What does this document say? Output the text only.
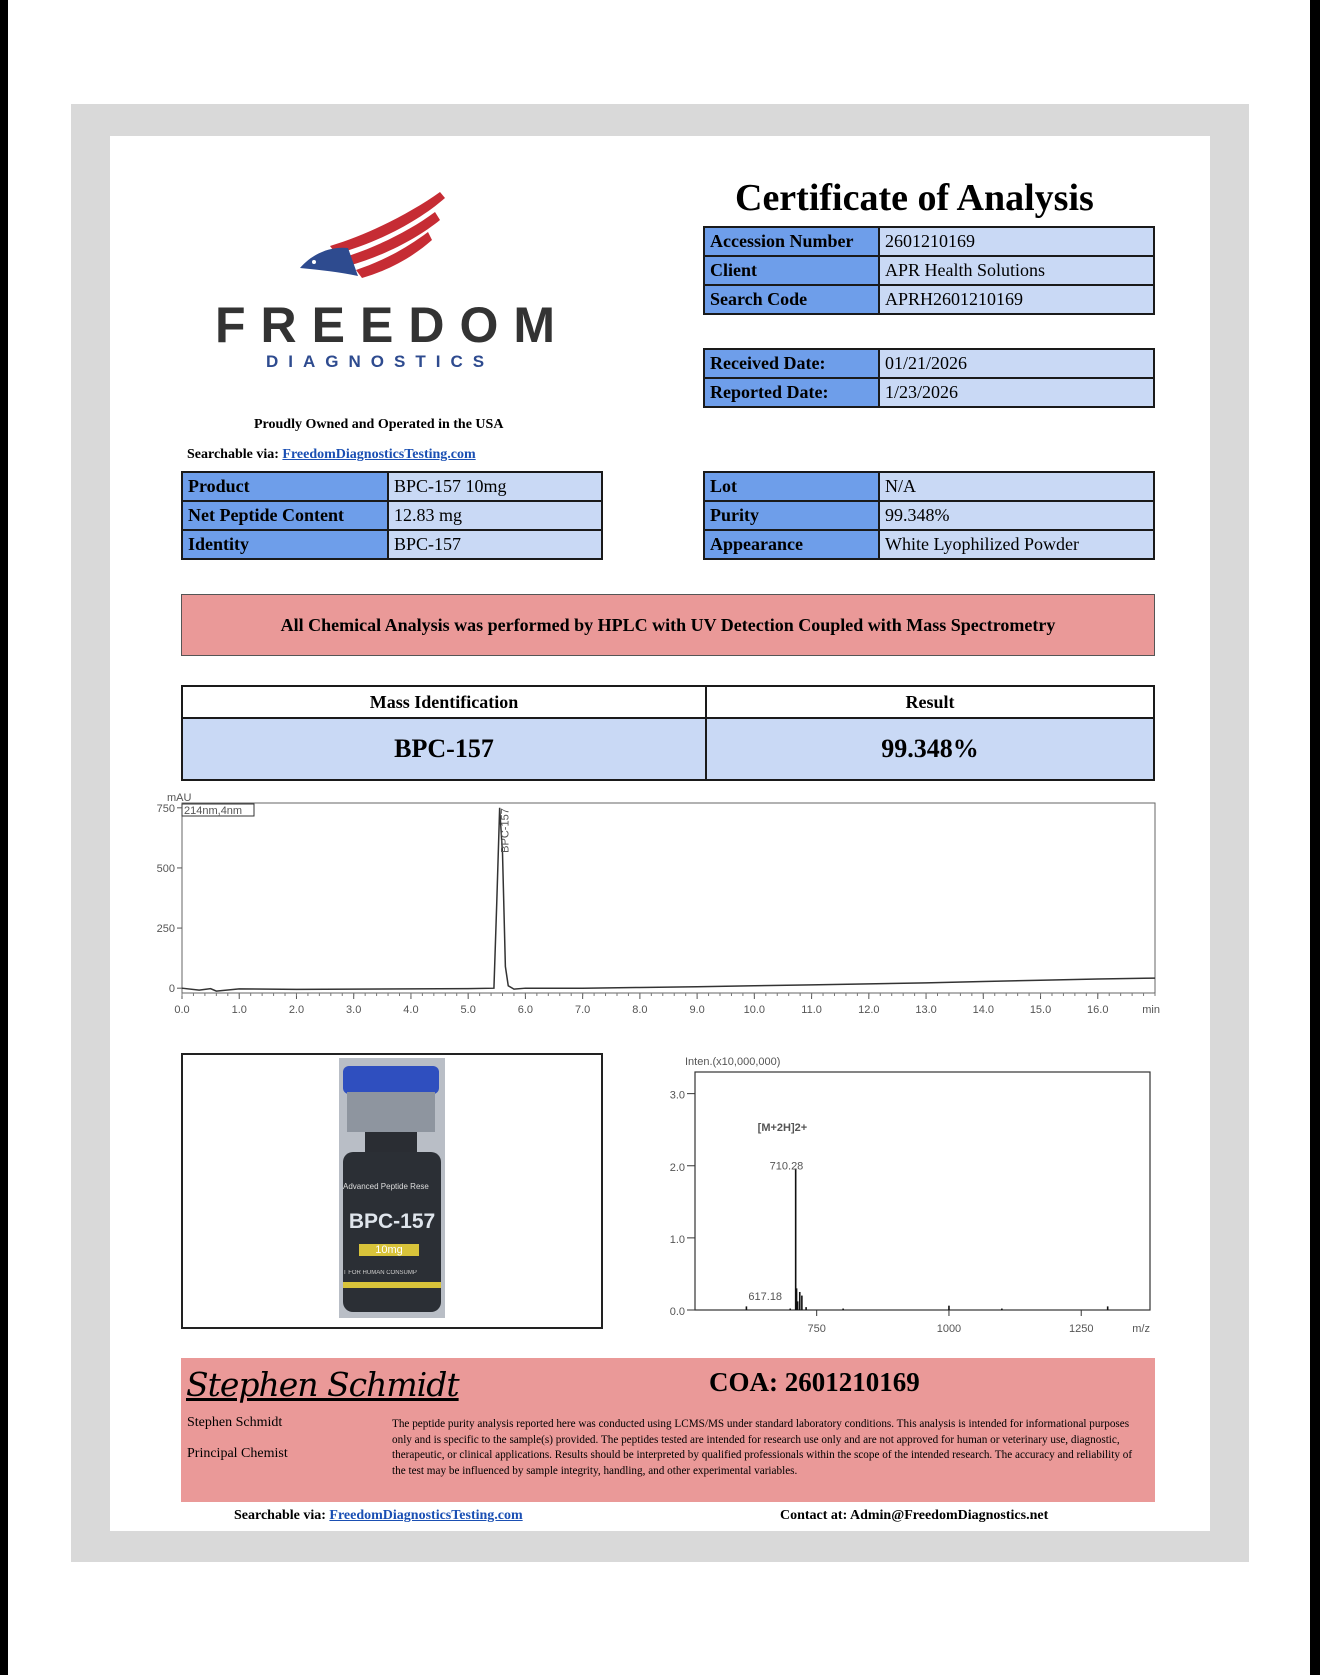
FREEDOM
DIAGNOSTICS
Proudly Owned and Operated in the USA
Searchable via: FreedomDiagnosticsTesting.com
Certificate of Analysis
Accession Number	2601210169
Client	APR Health Solutions
Search Code	APRH2601210169
Received Date:	01/21/2026
Reported Date:	1/23/2026
Product	BPC-157 10mg
Net Peptide Content	12.83 mg
Identity	BPC-157
Lot	N/A
Purity	99.348%
Appearance	White Lyophilized Powder
All Chemical Analysis was performed by HPLC with UV Detection Coupled with Mass Spectrometry
Mass Identification	Result
BPC-157	99.348%
mAU
214nm,4nm
0
250
500
750
0.0	1.0	2.0	3.0	4.0	5.0	6.0	7.0	8.0	9.0	10.0	11.0	12.0	13.0	14.0	15.0	16.0	min
BPC-157
Advanced Peptide Rese
BPC-157
10mg
T FOR HUMAN CONSUMP
Inten.(x10,000,000)
0.0
1.0
2.0
3.0
750	1000	1250	m/z
[M+2H]2+
710.28
617.18
Stephen Schmidt
Stephen Schmidt
Principal Chemist
COA: 2601210169
The peptide purity analysis reported here was conducted using LCMS/MS under standard laboratory conditions. This analysis is intended for informational purposes only and is specific to the sample(s) provided. The peptides tested are intended for research use only and are not approved for human or veterinary use, diagnostic, therapeutic, or clinical applications. Results should be interpreted by qualified professionals within the scope of the intended research. The accuracy and reliability of the test may be influenced by sample integrity, handling, and other experimental variables.
Searchable via: FreedomDiagnosticsTesting.com	Contact at: Admin@FreedomDiagnostics.net
